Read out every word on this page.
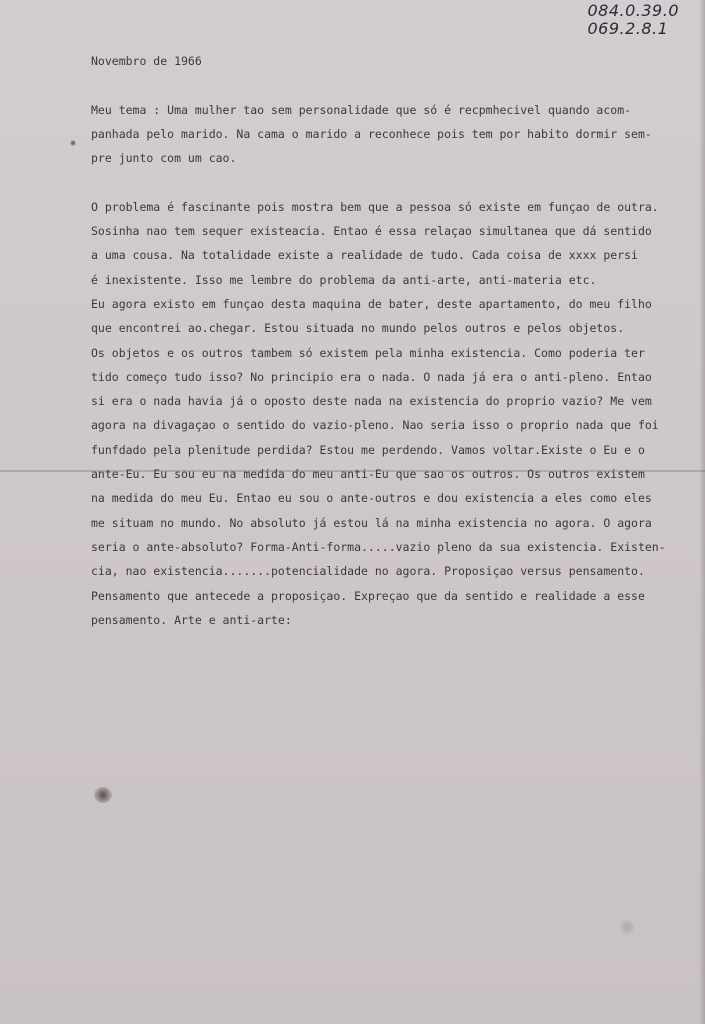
084.0.39.0
069.2.8.1
Novembro de 1966
Meu tema : Uma mulher tao sem personalidade que só é recpmhecivel quando acom-
panhada pelo marido. Na cama o marido a reconhece pois tem por habito dormir sem-
pre junto com um cao.
O problema é fascinante pois mostra bem que a pessoa só existe em funçao de outra.
Sosinha nao tem sequer existeacia. Entao é essa relaçao simultanea que dá sentido
a uma cousa. Na totalidade existe a realidade de tudo. Cada coisa de xxxx persi
é inexistente. Isso me lembre do problema da anti-arte, anti-materia etc.
Eu agora existo em funçao desta maquina de bater, deste apartamento, do meu filho
que encontrei ao.chegar. Estou situada no mundo pelos outros e pelos objetos.
Os objetos e os outros tambem só existem pela minha existencia. Como poderia ter
tido começo tudo isso? No principio era o nada. O nada já era o anti-pleno. Entao
si era o nada havia já o oposto deste nada na existencia do proprio vazio? Me vem
agora na divagaçao o sentido do vazio-pleno. Nao seria isso o proprio nada que foi
funfdado pela plenitude perdida? Estou me perdendo. Vamos voltar.Existe o Eu e o
ante-Eu. Eu sou eu na medida do meu anti-Eu que sao os outros. Os outros existem
na medida do meu Eu. Entao eu sou o ante-outros e dou existencia a eles como eles
me situam no mundo. No absoluto já estou lá na minha existencia no agora. O agora
seria o ante-absoluto? Forma-Anti-forma.....vazio pleno da sua existencia. Existen-
cia, nao existencia.......potencialidade no agora. Proposiçao versus pensamento.
Pensamento que antecede a proposiçao. Expreçao que da sentido e realidade a esse
pensamento. Arte e anti-arte:
